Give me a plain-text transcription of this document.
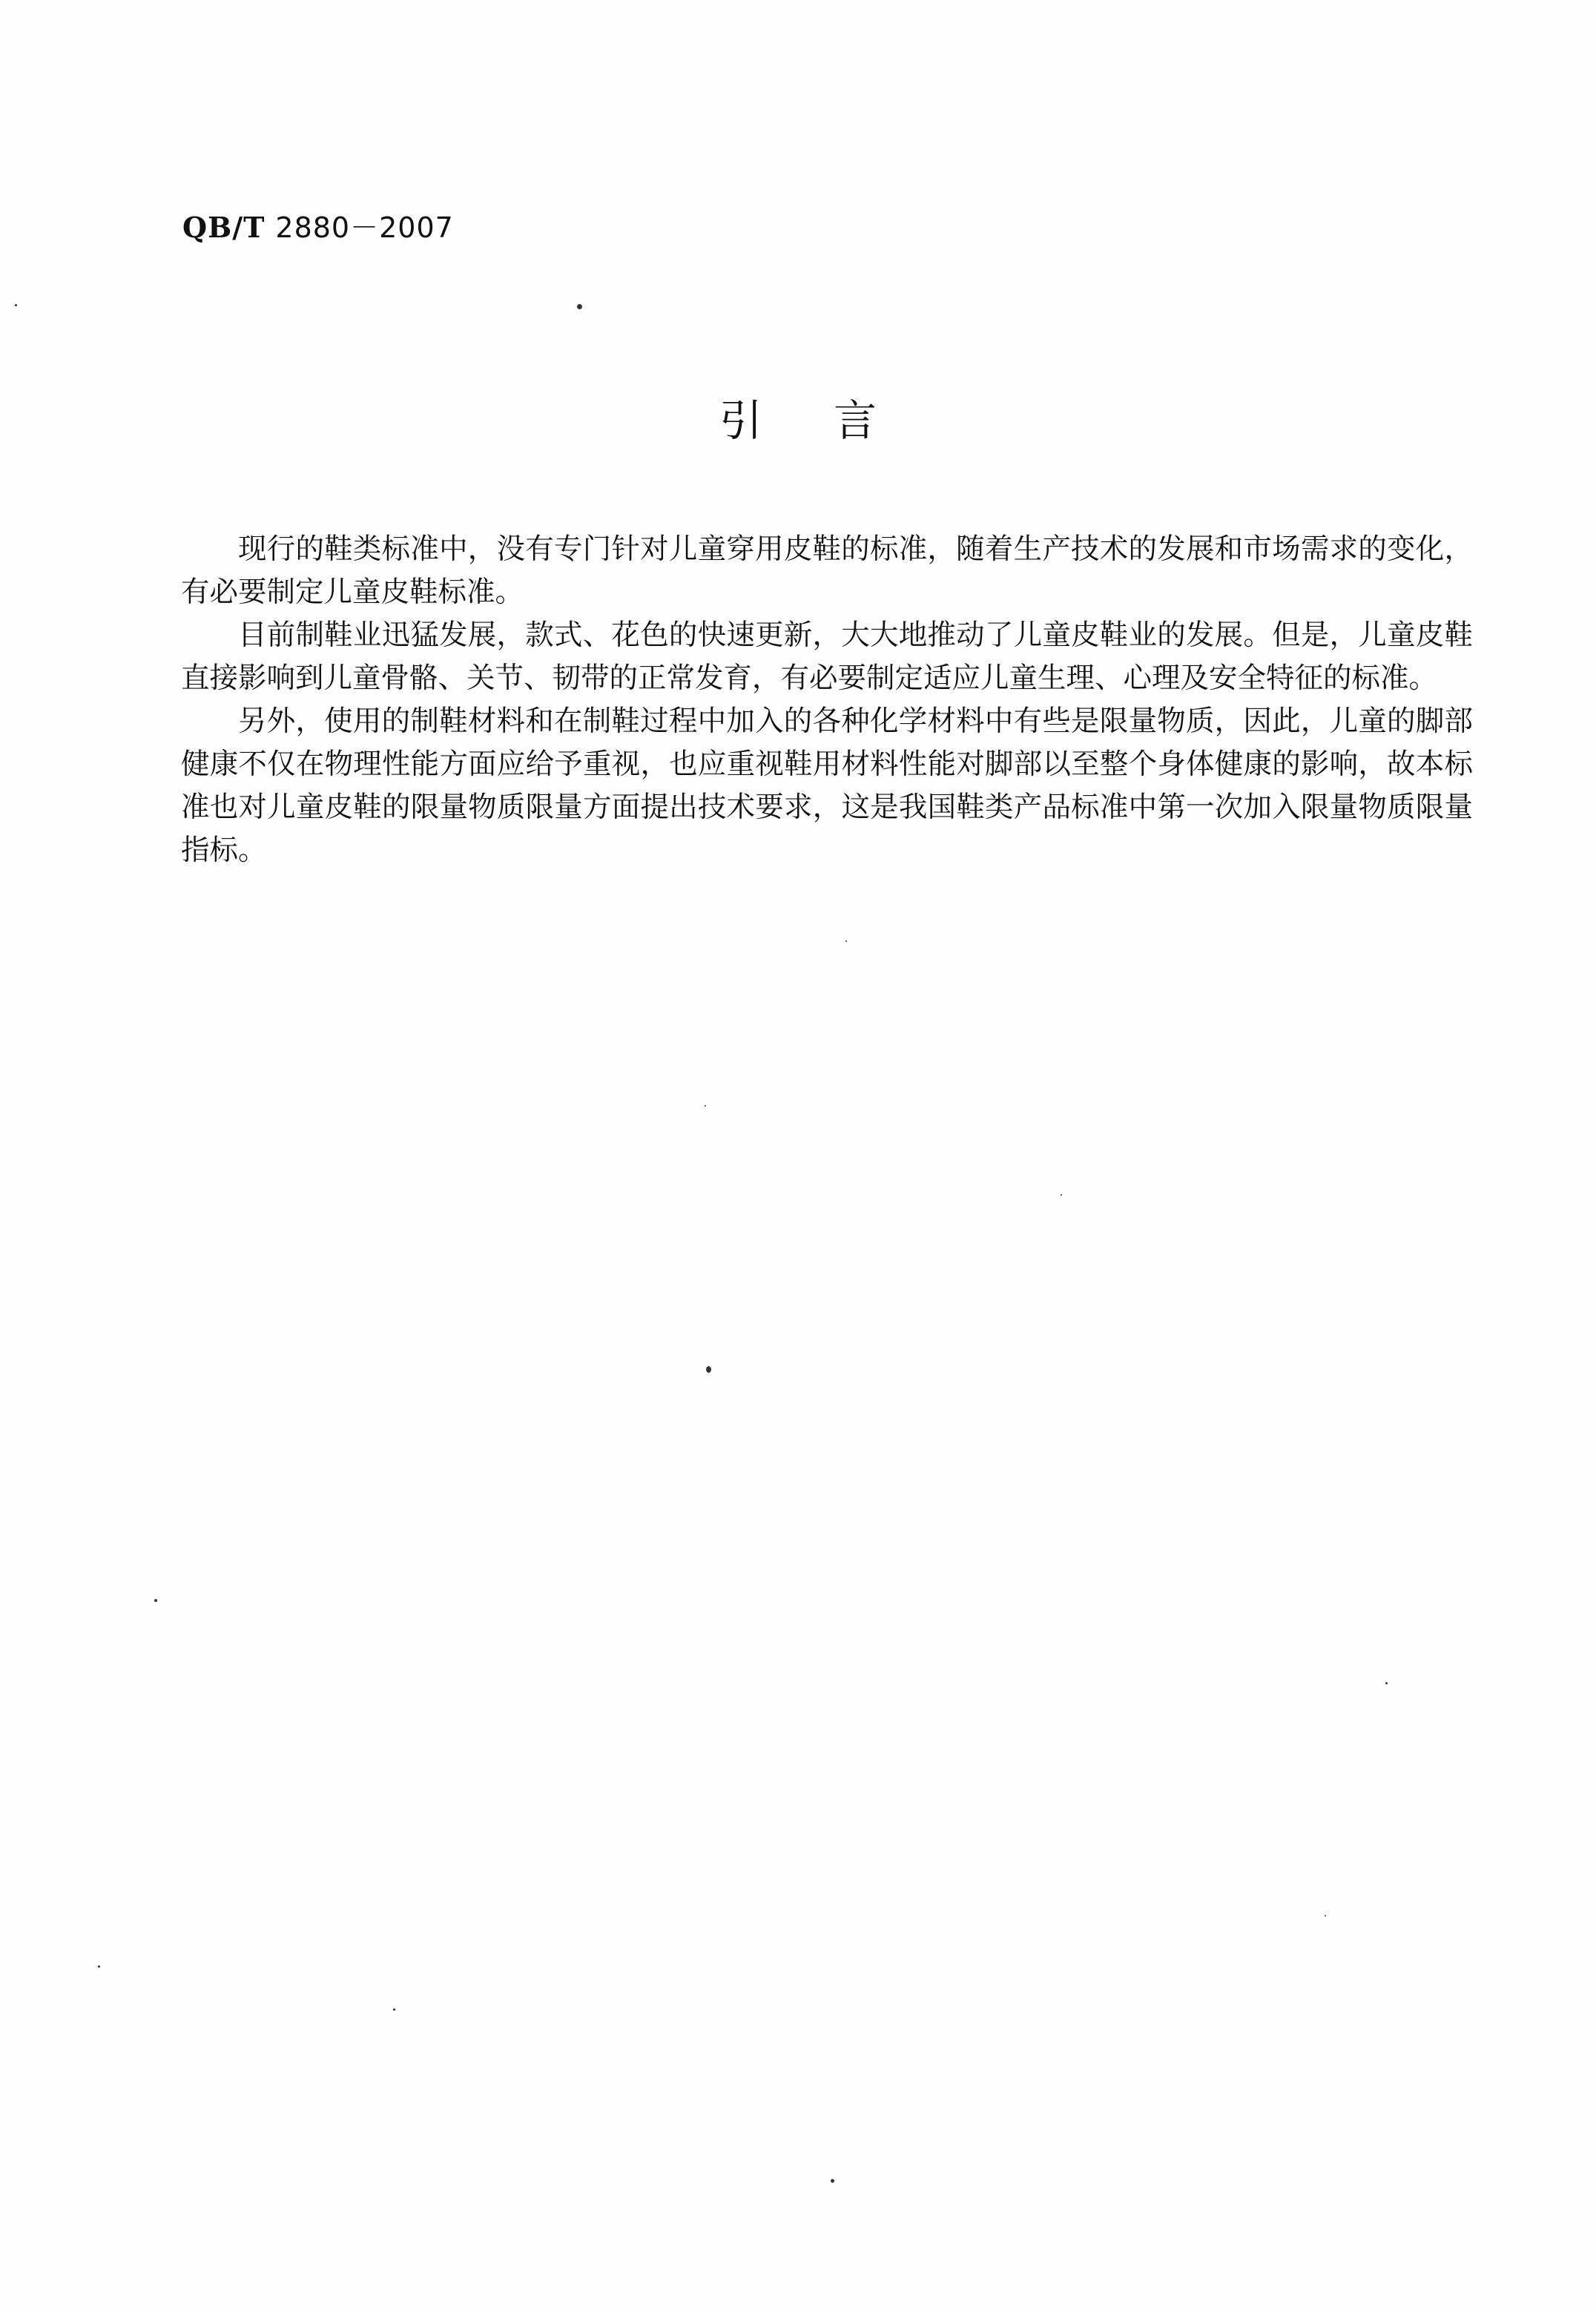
QB/T 2880－2007
引 言

现行的鞋类标准中，没有专门针对儿童穿用皮鞋的标准，随着生产技术的发展和市场需求的变化，有必要制定儿童皮鞋标准。

目前制鞋业迅猛发展，款式、花色的快速更新，大大地推动了儿童皮鞋业的发展。但是，儿童皮鞋直接影响到儿童骨骼、关节、韧带的正常发育，有必要制定适应儿童生理、心理及安全特征的标准。

另外，使用的制鞋材料和在制鞋过程中加入的各种化学材料中有些是限量物质，因此，儿童的脚部健康不仅在物理性能方面应给予重视，也应重视鞋用材料性能对脚部以至整个身体健康的影响，故本标准也对儿童皮鞋的限量物质限量方面提出技术要求，这是我国鞋类产品标准中第一次加入限量物质限量指标。
